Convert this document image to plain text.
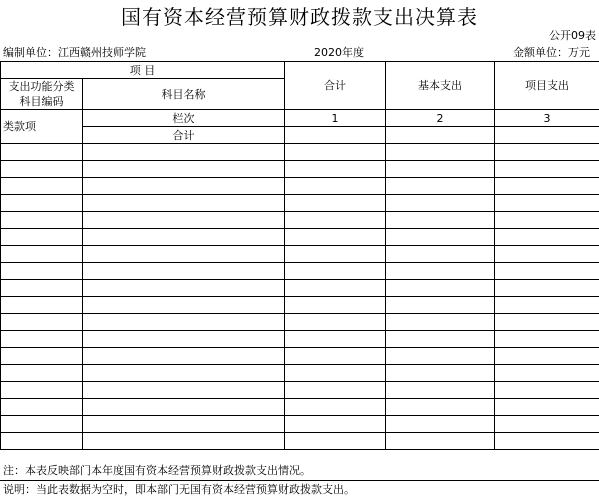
国有资本经营预算财政拨款支出决算表
公开09表
编制单位：江西赣州技师学院	2020年度	金额单位：万元
项 目		合计	基本支出	项目支出

支出功能分类
科目编码	科目名称			

类款项	栏次	1	2	3
	合计			

注：本表反映部门本年度国有资本经营预算财政拨款支出情况。
说明：当此表数据为空时，即本部门无国有资本经营预算财政拨款支出。
